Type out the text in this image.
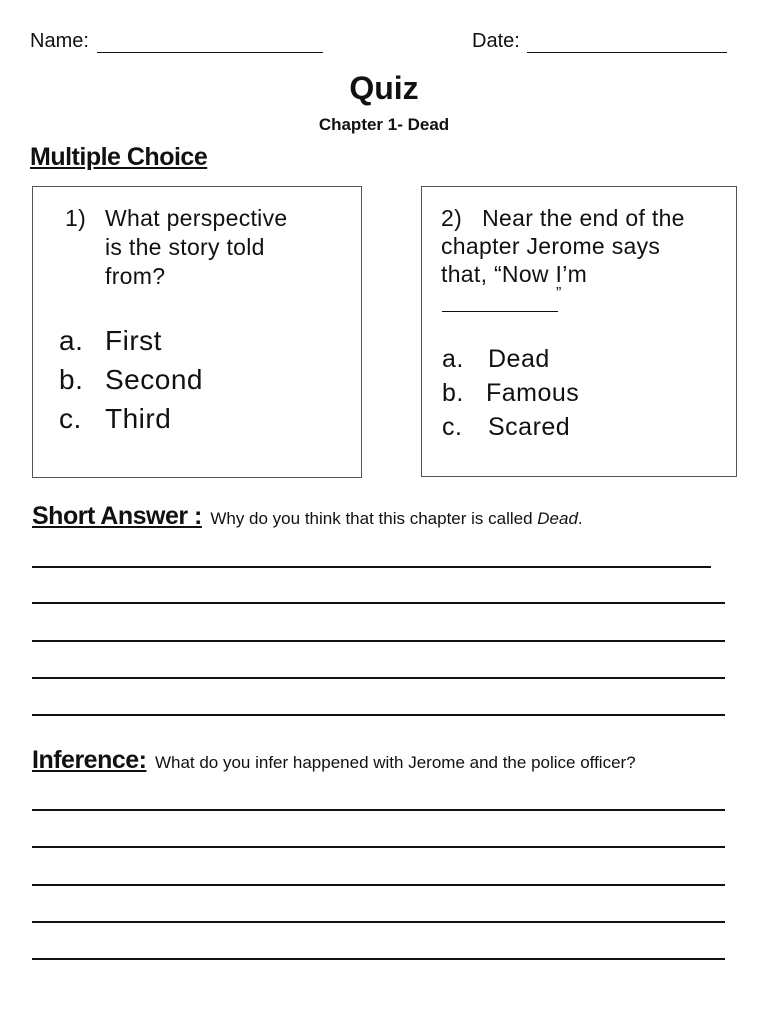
Name:	Date:
Quiz
Chapter 1- Dead
Multiple Choice
1) What perspective
is the story told
from?
a. First
b. Second
c. Third
2) Near the end of the
chapter Jerome says
that, “Now I’m
”
a. Dead
b. Famous
c. Scared
Short Answer : Why do you think that this chapter is called Dead.
Inference: What do you infer happened with Jerome and the police officer?
